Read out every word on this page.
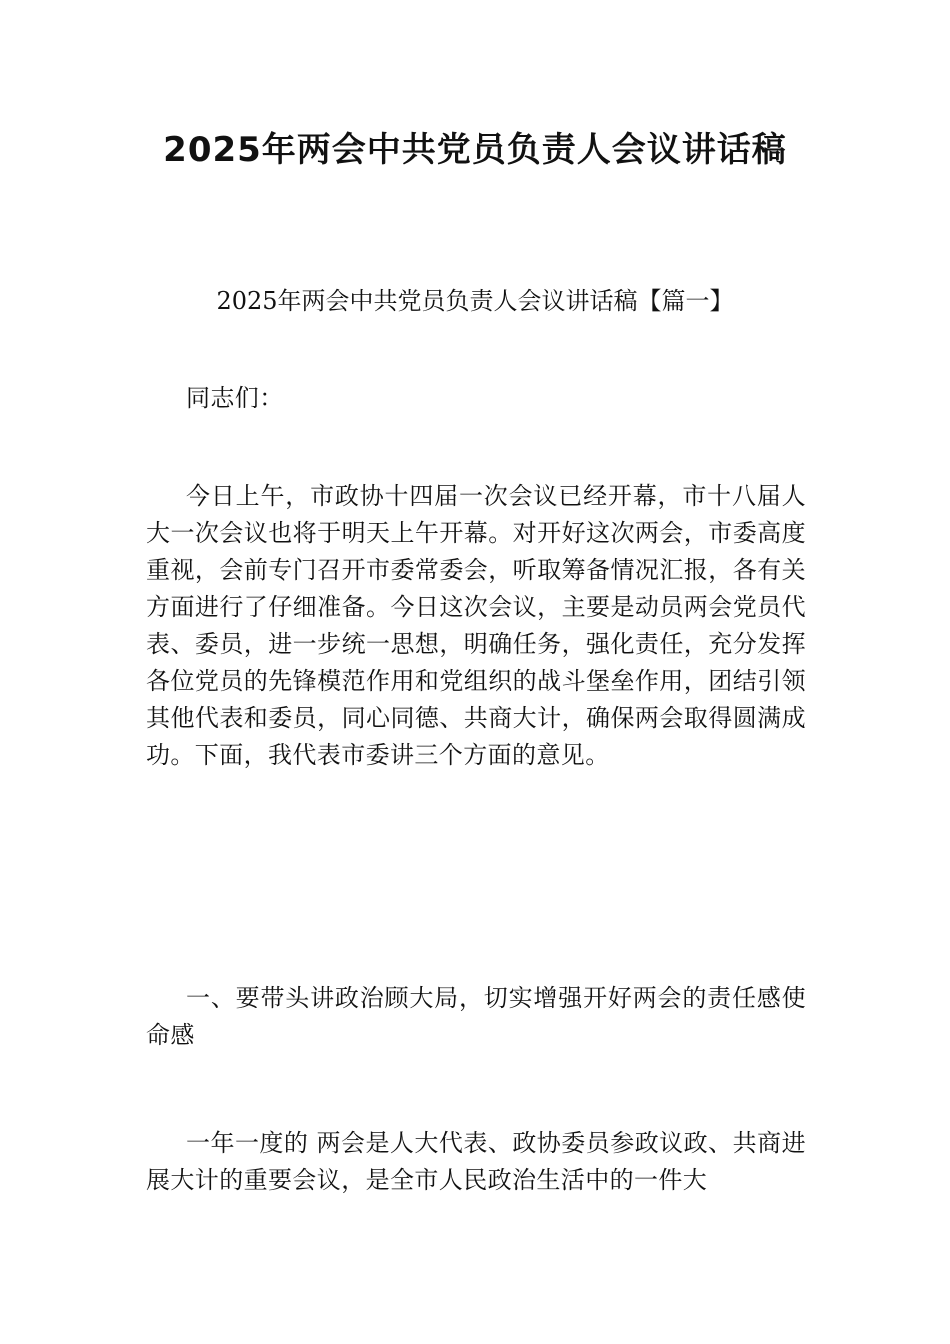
2025年两会中共党员负责人会议讲话稿
2025年两会中共党员负责人会议讲话稿【篇一】
同志们：
今日上午，市政协十四届一次会议已经开幕，市十八届人大一次会议也将于明天上午开幕。对开好这次两会，市委高度重视，会前专门召开市委常委会，听取筹备情况汇报，各有关方面进行了仔细准备。今日这次会议，主要是动员两会党员代表、委员，进一步统一思想，明确任务，强化责任，充分发挥各位党员的先锋模范作用和党组织的战斗堡垒作用，团结引领其他代表和委员，同心同德、共商大计，确保两会取得圆满成功。下面，我代表市委讲三个方面的意见。
一、要带头讲政治顾大局，切实增强开好两会的责任感使命感
一年一度的 两会是人大代表、政协委员参政议政、共商进展大计的重要会议，是全市人民政治生活中的一件大
